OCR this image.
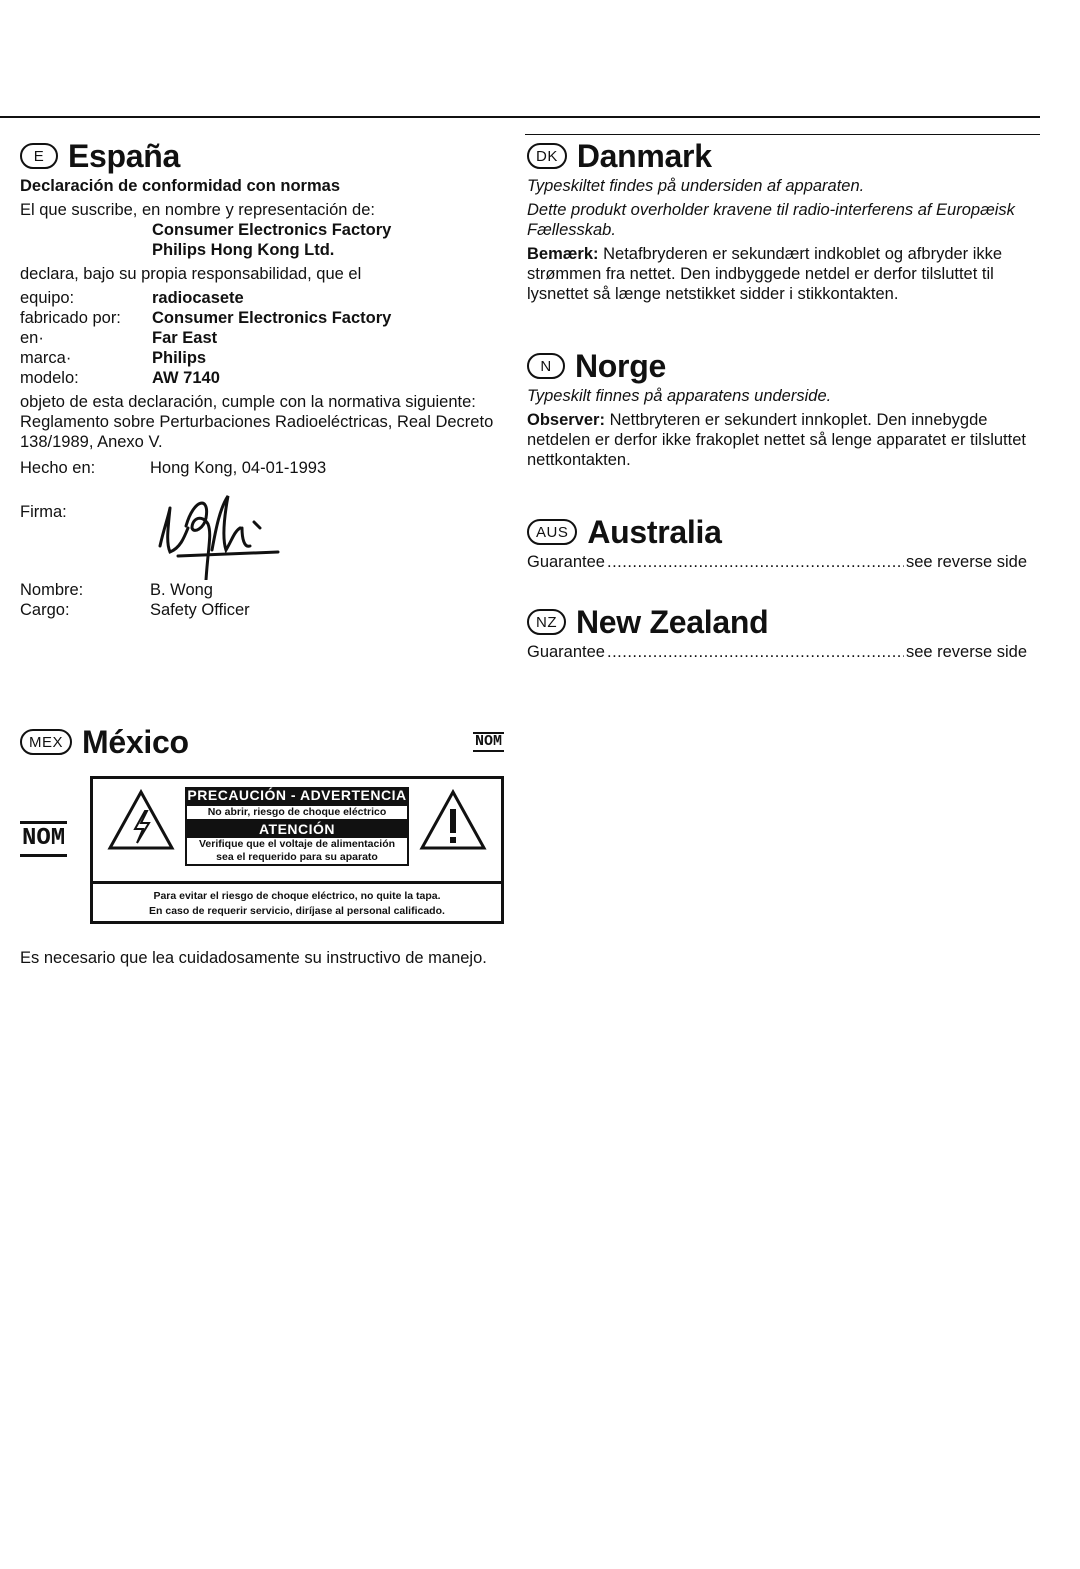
E España

Declaración de conformidad con normas

El que suscribe, en nombre y representación de:

Consumer Electronics Factory
Philips Hong Kong Ltd.

declara, bajo su propia responsabilidad, que el

equipo:	radiocasete
fabricado por:	Consumer Electronics Factory
en·	Far East
marca·	Philips
modelo:	AW 7140

objeto de esta declaración, cumple con la normativa siguiente: Reglamento sobre Perturbaciones Radioeléctricas, Real Decreto 138/1989, Anexo V.

Hecho en:	Hong Kong, 04-01-1993
Firma:
Nombre:	B. Wong
Cargo:	Safety Officer
MEX México	NOM
NOM
PRECAUCIÓN - ADVERTENCIA
No abrir, riesgo de choque eléctrico
ATENCIÓN
Verifique que el voltaje de alimentación
sea el requerido para su aparato
Para evitar el riesgo de choque eléctrico, no quite la tapa.
En caso de requerir servicio, diríjase al personal calificado.
Es necesario que lea cuidadosamente su instructivo de manejo.
DK Danmark

Typeskiltet findes på undersiden af apparaten.

Dette produkt overholder kravene til radio-interferens af Europæisk Fællesskab.

Bemærk: Netafbryderen er sekundært indkoblet og afbryder ikke strømmen fra nettet. Den indbyggede netdel er derfor tilsluttet til lysnettet så længe netstikket sidder i stikkontakten.

N Norge

Typeskilt finnes på apparatens underside.

Observer: Nettbryteren er sekundert innkoplet. Den innebygde netdelen er derfor ikke frakoplet nettet så lenge apparatet er tilsluttet nettkontakten.

AUS Australia
Guarantee .....	see reverse side
NZ New Zealand
Guarantee .....	see reverse side
